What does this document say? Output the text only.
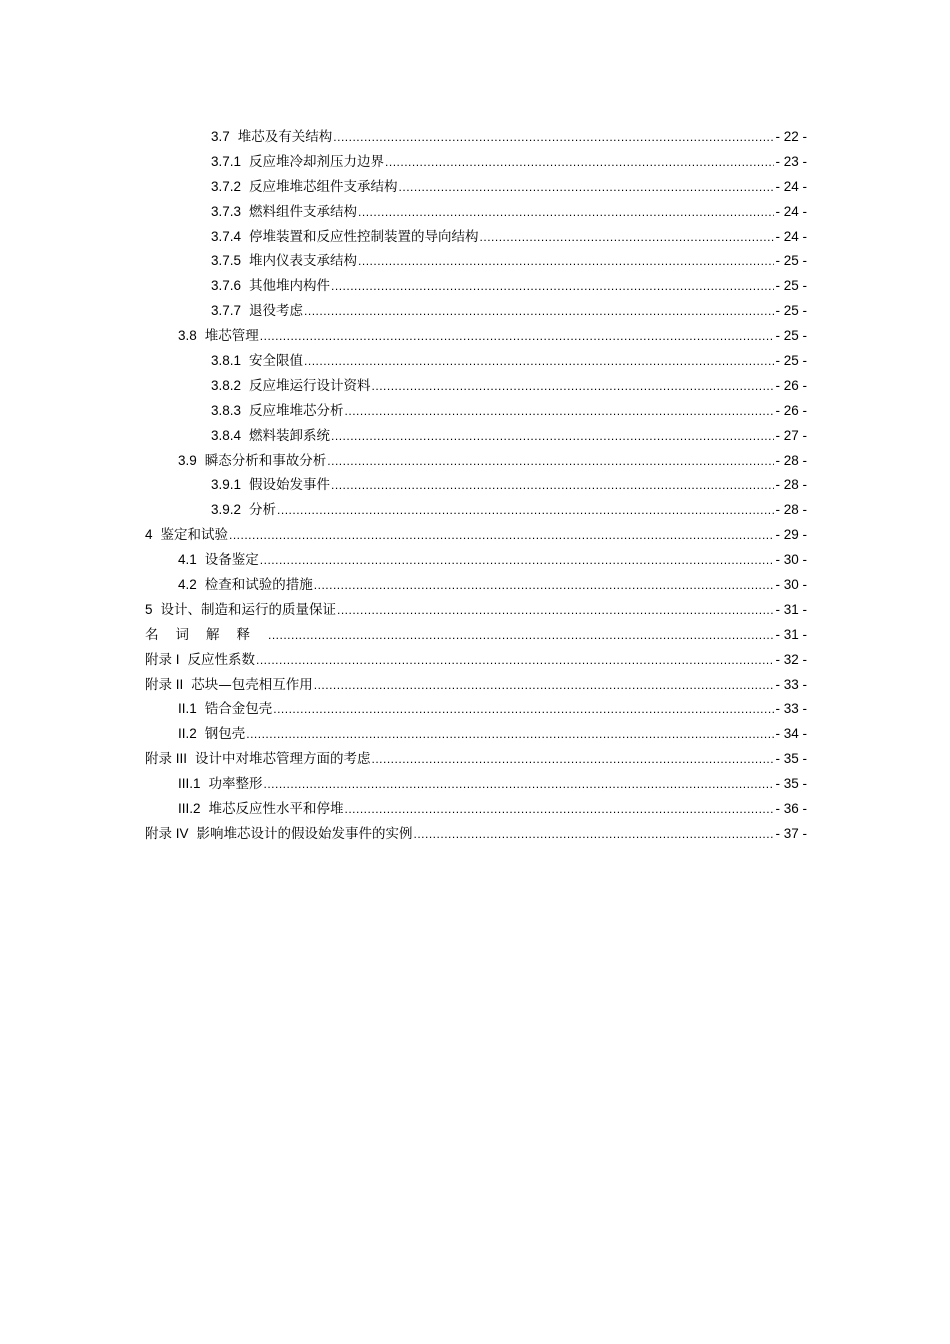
3.7 堆芯及有关结构 .....	- 22 -
3.7.1 反应堆冷却剂压力边界 .....	- 23 -
3.7.2 反应堆堆芯组件支承结构 .....	- 24 -
3.7.3 燃料组件支承结构 .....	- 24 -
3.7.4 停堆装置和反应性控制装置的导向结构 .....	- 24 -
3.7.5 堆内仪表支承结构 .....	- 25 -
3.7.6 其他堆内构件 .....	- 25 -
3.7.7 退役考虑 .....	- 25 -
3.8 堆芯管理 .....	- 25 -
3.8.1 安全限值 .....	- 25 -
3.8.2 反应堆运行设计资料 .....	- 26 -
3.8.3 反应堆堆芯分析 .....	- 26 -
3.8.4 燃料装卸系统 .....	- 27 -
3.9 瞬态分析和事故分析 .....	- 28 -
3.9.1 假设始发事件 .....	- 28 -
3.9.2 分析 .....	- 28 -
4 鉴定和试验 .....	- 29 -
4.1 设备鉴定 .....	- 30 -
4.2 检查和试验的措施 .....	- 30 -
5 设计、制造和运行的质量保证 .....	- 31 -
名词解释 .....	- 31 -
附录 I 反应性系数 .....	- 32 -
附录 II 芯块—包壳相互作用 .....	- 33 -
II.1 锆合金包壳 .....	- 33 -
II.2 钢包壳 .....	- 34 -
附录 III 设计中对堆芯管理方面的考虑 .....	- 35 -
III.1 功率整形 .....	- 35 -
III.2 堆芯反应性水平和停堆 .....	- 36 -
附录 IV 影响堆芯设计的假设始发事件的实例 .....	- 37 -
